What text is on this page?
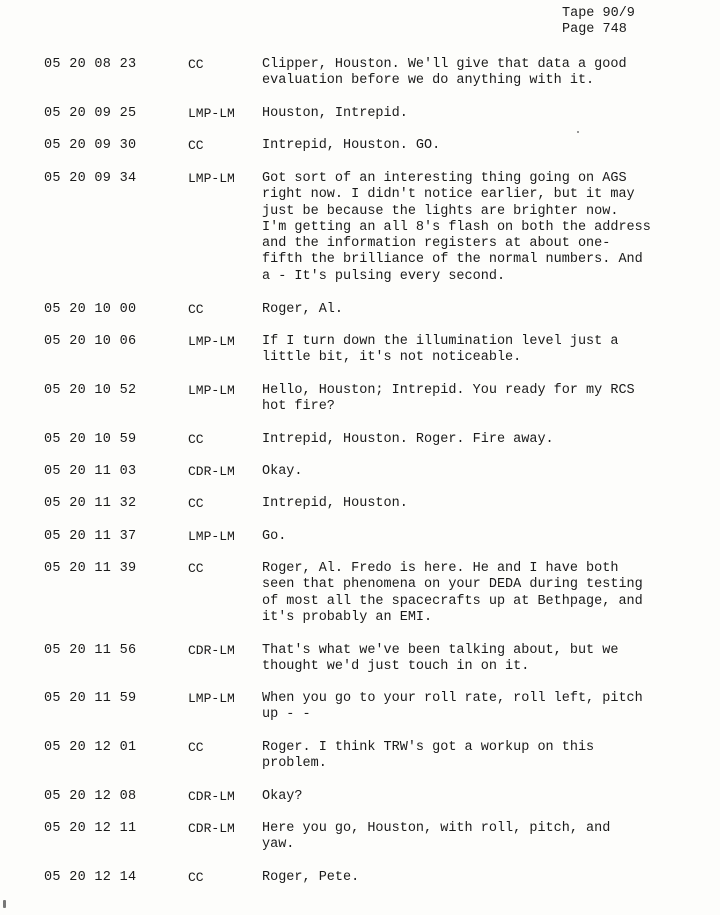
Tape 90/9
Page 748
05 20 08 23	CC	Clipper, Houston. We'll give that data a good
evaluation before we do anything with it.
05 20 09 25	LMP-LM Houston, Intrepid.
05 20 09 30	CC	Intrepid, Houston. GO.
05 20 09 34	LMP-LM Got sort of an interesting thing going on AGS
right now. I didn't notice earlier, but it may
just be because the lights are brighter now.
I'm getting an all 8's flash on both the address
and the information registers at about one-
fifth the brilliance of the normal numbers. And
a - It's pulsing every second.
05 20 10 00	CC	Roger, Al.
05 20 10 06	LMP-LM If I turn down the illumination level just a
little bit, it's not noticeable.
05 20 10 52	LMP-LM Hello, Houston; Intrepid. You ready for my RCS
hot fire?
05 20 10 59	CC	Intrepid, Houston. Roger. Fire away.
05 20 11 03	CDR-LM Okay.
05 20 11 32	CC	Intrepid, Houston.
05 20 11 37	LMP-LM Go.
05 20 11 39	CC	Roger, Al. Fredo is here. He and I have both
seen that phenomena on your DEDA during testing
of most all the spacecrafts up at Bethpage, and
it's probably an EMI.
05 20 11 56	CDR-LM That's what we've been talking about, but we
thought we'd just touch in on it.
05 20 11 59	LMP-LM When you go to your roll rate, roll left, pitch
up - -
05 20 12 01	CC	Roger. I think TRW's got a workup on this
problem.
05 20 12 08	CDR-LM Okay?
05 20 12 11	CDR-LM Here you go, Houston, with roll, pitch, and
yaw.
05 20 12 14	CC	Roger, Pete.
